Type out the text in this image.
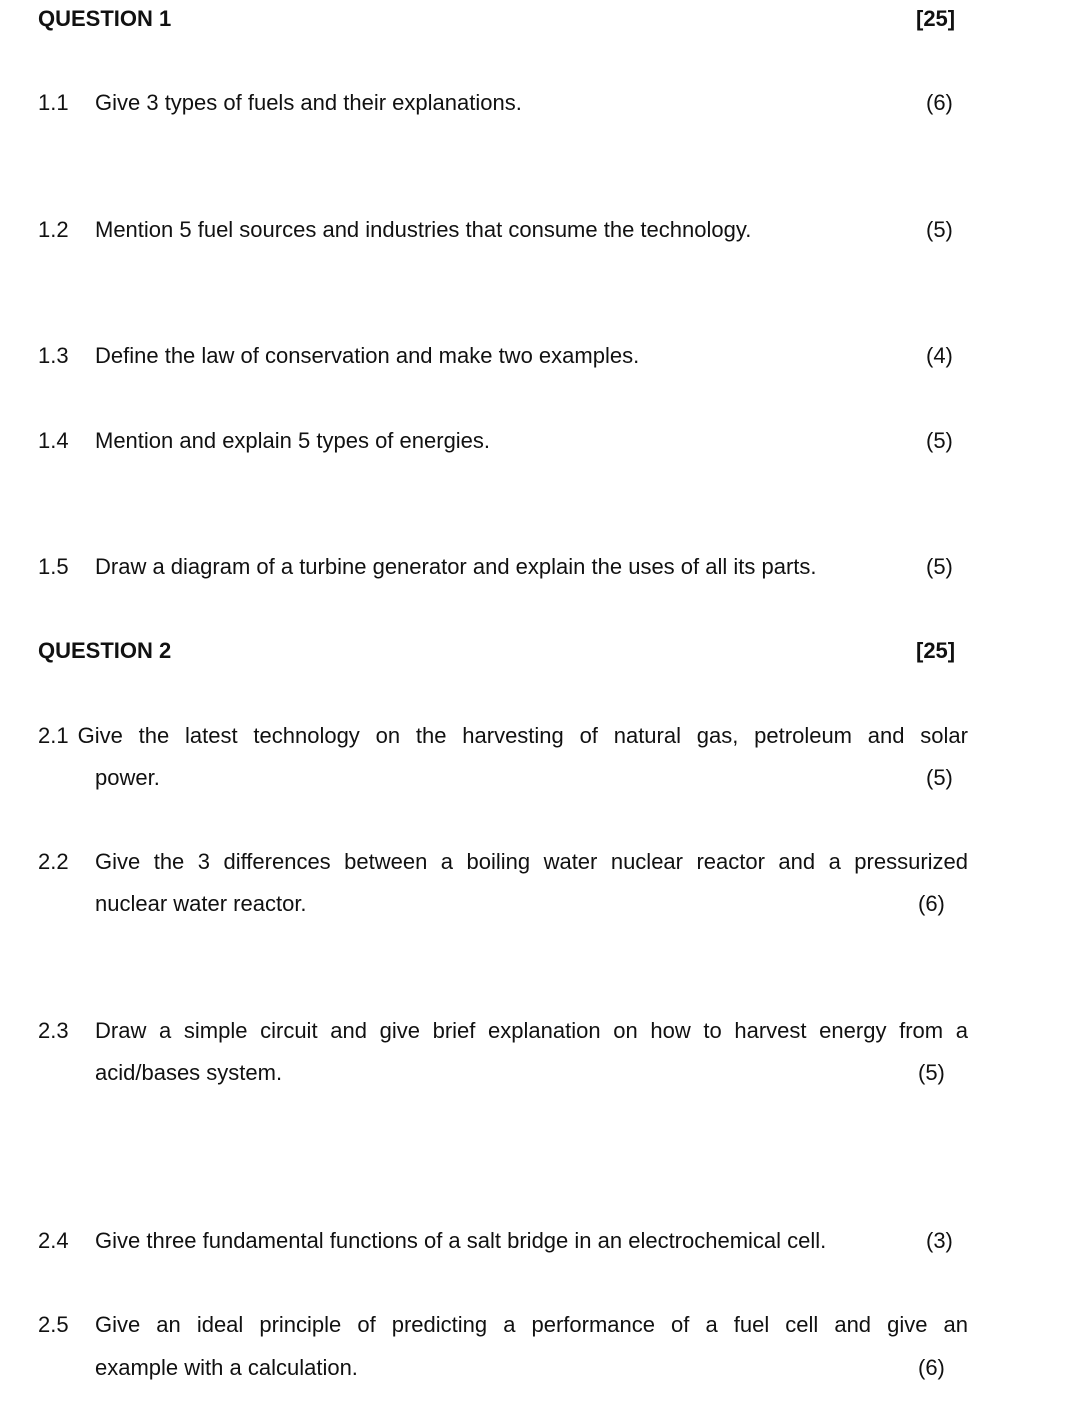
QUESTION 1	[25]
1.1 Give 3 types of fuels and their explanations.	(6)
1.2 Mention 5 fuel sources and industries that consume the technology.	(5)
1.3 Define the law of conservation and make two examples.	(4)
1.4 Mention and explain 5 types of energies.	(5)
1.5 Draw a diagram of a turbine generator and explain the uses of all its parts.	(5)
QUESTION 2	[25]
2.1 Give the latest technology on the harvesting of natural gas, petroleum and solar
power.	(5)
2.2 Give the 3 differences between a boiling water nuclear reactor and a pressurized
nuclear water reactor.	(6)
2.3 Draw a simple circuit and give brief explanation on how to harvest energy from a
acid/bases system.	(5)
2.4 Give three fundamental functions of a salt bridge in an electrochemical cell.	(3)
2.5 Give an ideal principle of predicting a performance of a fuel cell and give an
example with a calculation.	(6)
